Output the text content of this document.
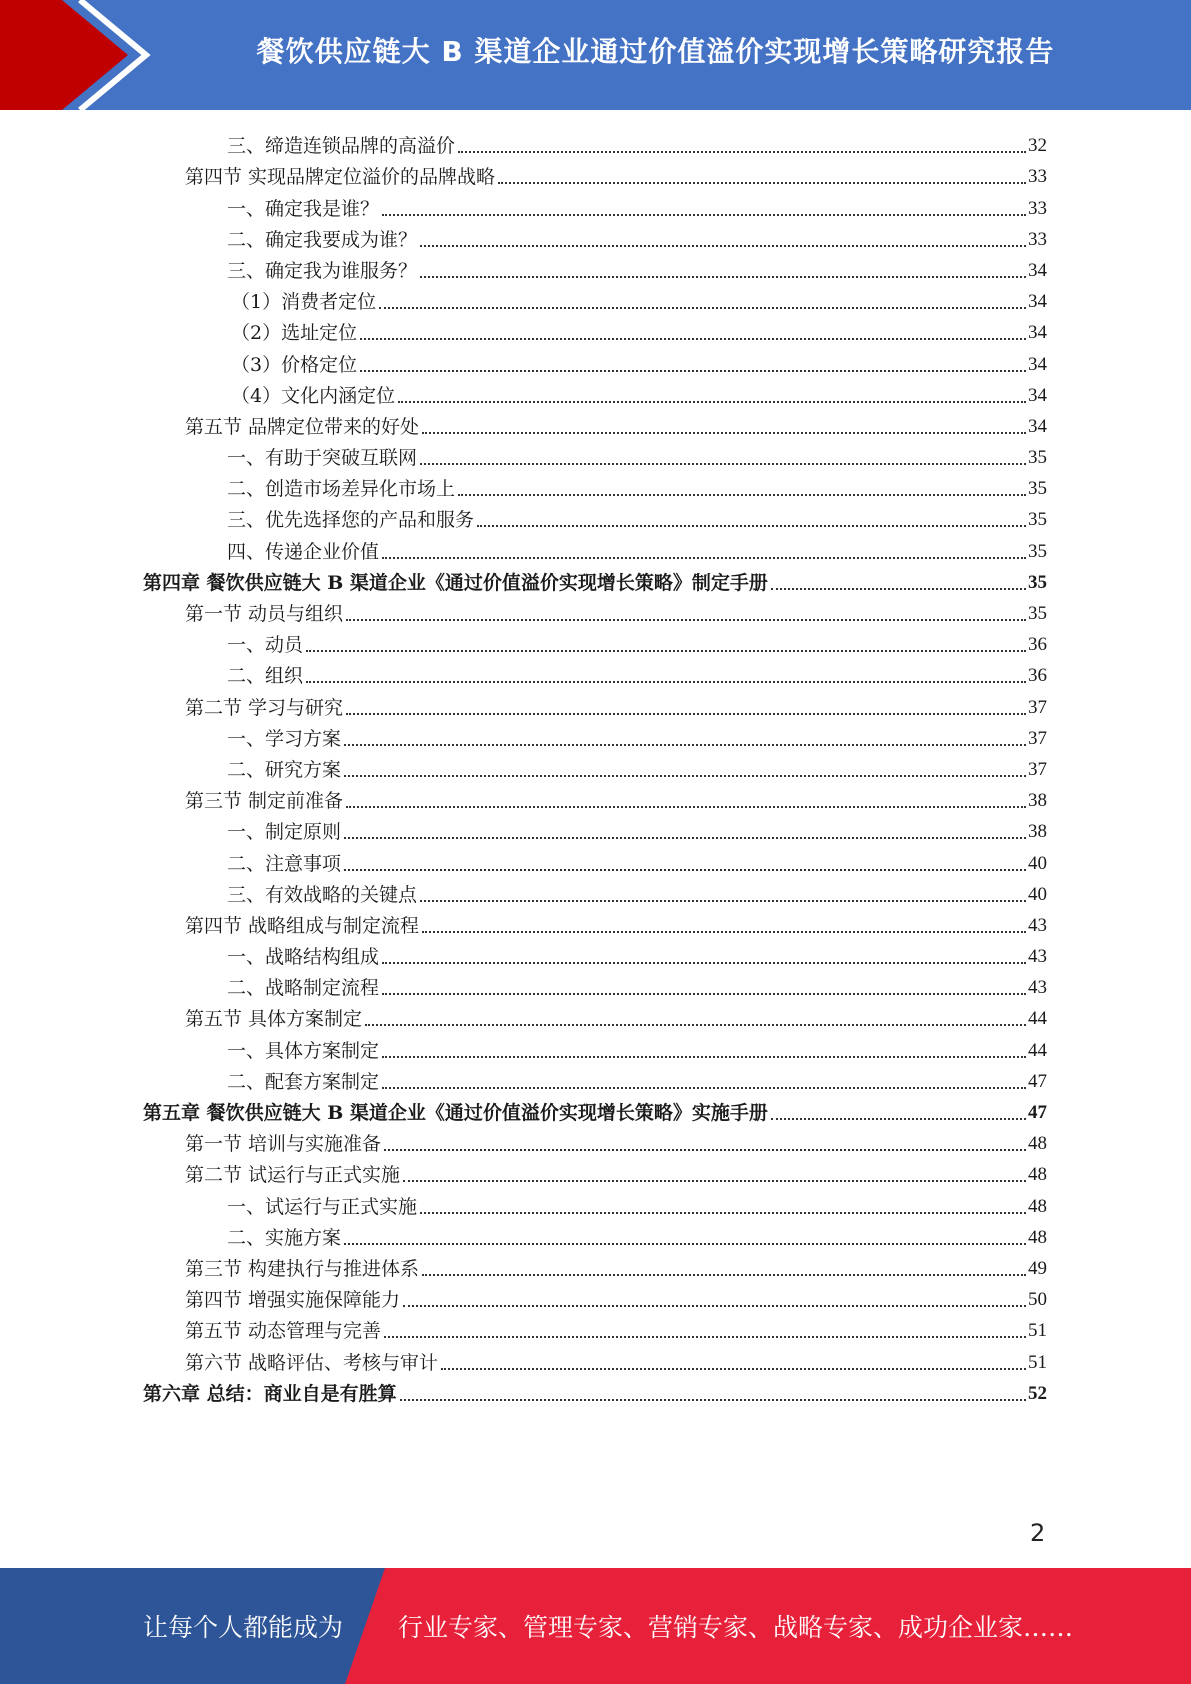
餐饮供应链大 B 渠道企业通过价值溢价实现增长策略研究报告
三、缔造连锁品牌的高溢价	32
第四节 实现品牌定位溢价的品牌战略	33
一、确定我是谁？	33
二、确定我要成为谁？	33
三、确定我为谁服务？	34
（1）消费者定位	34
（2）选址定位	34
（3）价格定位	34
（4）文化内涵定位	34
第五节 品牌定位带来的好处	34
一、有助于突破互联网	35
二、创造市场差异化市场上	35
三、优先选择您的产品和服务	35
四、传递企业价值	35
第四章 餐饮供应链大 B 渠道企业《通过价值溢价实现增长策略》制定手册	35
第一节 动员与组织	35
一、动员	36
二、组织	36
第二节 学习与研究	37
一、学习方案	37
二、研究方案	37
第三节 制定前准备	38
一、制定原则	38
二、注意事项	40
三、有效战略的关键点	40
第四节 战略组成与制定流程	43
一、战略结构组成	43
二、战略制定流程	43
第五节 具体方案制定	44
一、具体方案制定	44
二、配套方案制定	47
第五章 餐饮供应链大 B 渠道企业《通过价值溢价实现增长策略》实施手册	47
第一节 培训与实施准备	48
第二节 试运行与正式实施	48
一、试运行与正式实施	48
二、实施方案	48
第三节 构建执行与推进体系	49
第四节 增强实施保障能力	50
第五节 动态管理与完善	51
第六节 战略评估、考核与审计	51
第六章 总结：商业自是有胜算	52
2
让每个人都能成为 行业专家、管理专家、营销专家、战略专家、成功企业家……
